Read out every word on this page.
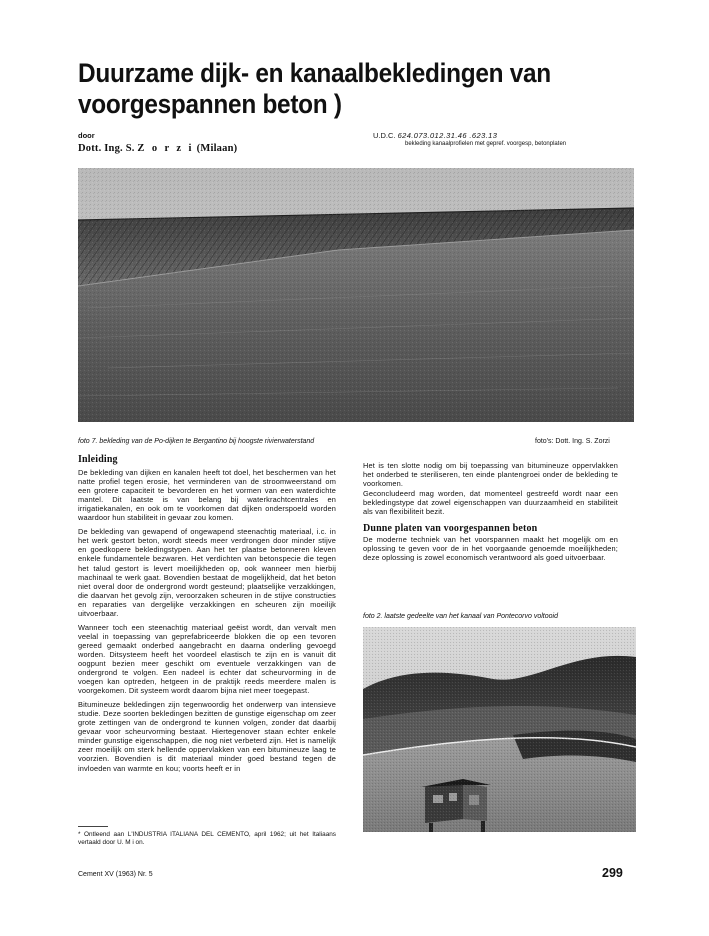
Duurzame dijk- en kanaalbekledingen van
voorgespannen beton )
door
Dott. Ing. S. Z o r z i (Milaan)
U.D.C. 624.073.012.31.46 .623.13
bekleding kanaalprofielen met gepref. voorgesp, betonplaten
foto 7. bekleding van de Po-dijken te Bergantino bij hoogste rivierwaterstand	foto's: Dott. Ing. S. Zorzi
Inleiding

De bekleding van dijken en kanalen heeft tot doel, het beschermen van het natte profiel tegen erosie, het verminderen van de stroomweerstand om een grotere capaciteit te bevorderen en het vormen van een waterdichte mantel. Dit laatste is van belang bij waterkrachtcentrales en irrigatiekanalen, en ook om te voorkomen dat dijken onderspoeld worden waardoor hun stabiliteit in gevaar zou komen.

De bekleding van gewapend of ongewapend steenachtig materiaal, i.c. in het werk gestort beton, wordt steeds meer verdrongen door minder stijve en goedkopere bekledingstypen. Aan het ter plaatse betonneren kleven enkele fundamentele bezwaren. Het verdichten van betonspecie die tegen het talud gestort is levert moeilijkheden op, ook wanneer men hierbij machinaal te werk gaat. Bovendien bestaat de mogelijkheid, dat het beton niet overal door de ondergrond wordt gesteund; plaatselijke verzakkingen, die daarvan het gevolg zijn, veroorzaken scheuren in de stijve constructies en reparaties van dergelijke verzakkingen en scheuren zijn moeilijk uitvoerbaar.

Wanneer toch een steenachtig materiaal geëist wordt, dan vervalt men veelal in toepassing van geprefabriceerde blokken die op een tevoren gereed gemaakt onderbed aangebracht en daarna onderling gevoegd worden. Ditsysteem heeft het voordeel elastisch te zijn en is vanuit dit oogpunt bezien meer geschikt om eventuele verzakkingen van de ondergrond te volgen. Een nadeel is echter dat scheurvorming in de voegen kan optreden, hetgeen in de praktijk reeds meerdere malen is voorgekomen. Dit systeem wordt daarom bijna niet meer toegepast.

Bitumineuze bekledingen zijn tegenwoordig het onderwerp van intensieve studie. Deze soorten bekledingen bezitten de gunstige eigenschap om zeer grote zettingen van de ondergrond te kunnen volgen, zonder dat daarbij gevaar voor scheurvorming bestaat. Hiertegenover staan echter enkele minder gunstige eigenschappen, die nog niet verbeterd zijn. Het is namelijk zeer moeilijk om sterk hellende oppervlakken van een bitumineuze laag te voorzien. Bovendien is dit materiaal minder goed bestand tegen de invloeden van warmte en kou; voorts heeft er in

Het is ten slotte nodig om bij toepassing van bitumineuze oppervlakken het onderbed te steriliseren, ten einde plantengroei onder de bekleding te voorkomen.

Geconcludeerd mag worden, dat momenteel gestreefd wordt naar een bekledingstype dat zowel eigenschappen van duurzaamheid en stabiliteit als van flexibiliteit bezit.

Dunne platen van voorgespannen beton

De moderne techniek van het voorspannen maakt het mogelijk om en oplossing te geven voor de in het voorgaande genoemde moeilijkheden; deze oplossing is zowel economisch verantwoord als goed uitvoerbaar.

foto 2. laatste gedeelte van het kanaal van Pontecorvo voltooid
* Ontleend aan L'INDUSTRIA ITALIANA DEL CEMENTO, april 1962; uit het Italiaans vertaald door U. M i on.
Cement XV (1963) Nr. 5	299
